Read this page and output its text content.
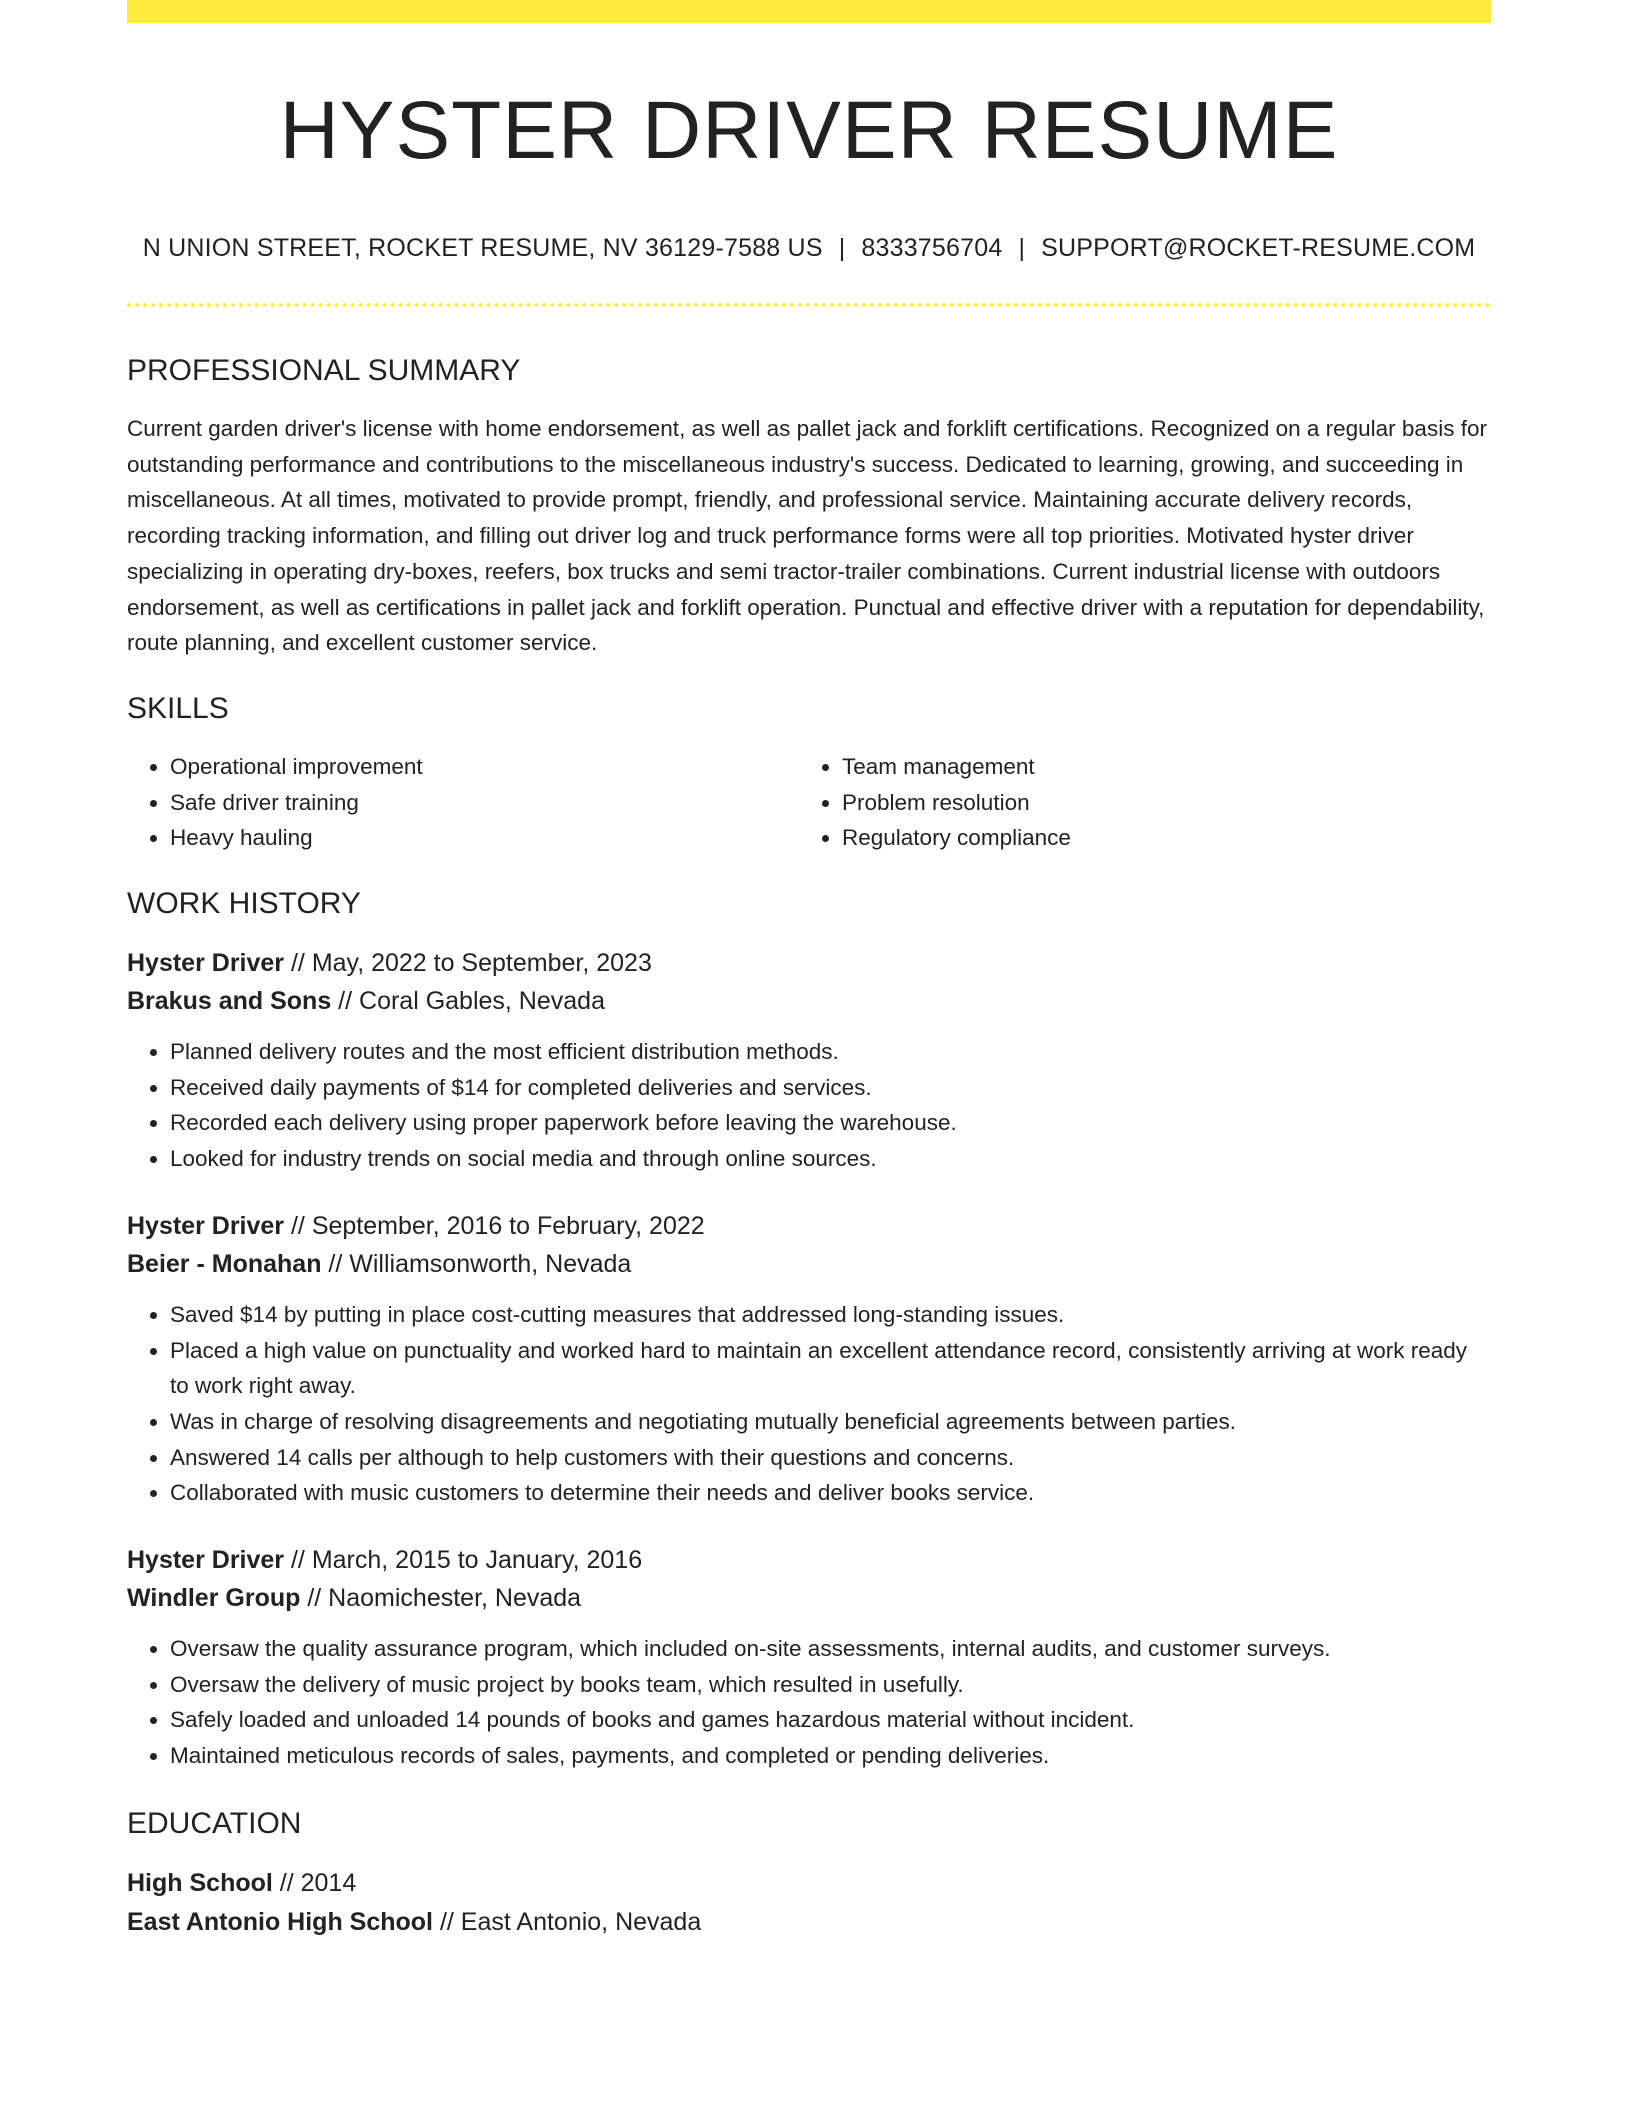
HYSTER DRIVER RESUME
N UNION STREET, ROCKET RESUME, NV 36129-7588 US | 8333756704 | SUPPORT@ROCKET-RESUME.COM
PROFESSIONAL SUMMARY
Current garden driver's license with home endorsement, as well as pallet jack and forklift certifications. Recognized on a regular basis for outstanding performance and contributions to the miscellaneous industry's success. Dedicated to learning, growing, and succeeding in miscellaneous. At all times, motivated to provide prompt, friendly, and professional service. Maintaining accurate delivery records, recording tracking information, and filling out driver log and truck performance forms were all top priorities. Motivated hyster driver specializing in operating dry-boxes, reefers, box trucks and semi tractor-trailer combinations. Current industrial license with outdoors endorsement, as well as certifications in pallet jack and forklift operation. Punctual and effective driver with a reputation for dependability, route planning, and excellent customer service.
SKILLS
• Operational improvement
• Safe driver training
• Heavy hauling
• Team management
• Problem resolution
• Regulatory compliance
WORK HISTORY
Hyster Driver // May, 2022 to September, 2023
Brakus and Sons // Coral Gables, Nevada
• Planned delivery routes and the most efficient distribution methods.
• Received daily payments of $14 for completed deliveries and services.
• Recorded each delivery using proper paperwork before leaving the warehouse.
• Looked for industry trends on social media and through online sources.
Hyster Driver // September, 2016 to February, 2022
Beier - Monahan // Williamsonworth, Nevada
• Saved $14 by putting in place cost-cutting measures that addressed long-standing issues.
• Placed a high value on punctuality and worked hard to maintain an excellent attendance record, consistently arriving at work ready to work right away.
• Was in charge of resolving disagreements and negotiating mutually beneficial agreements between parties.
• Answered 14 calls per although to help customers with their questions and concerns.
• Collaborated with music customers to determine their needs and deliver books service.
Hyster Driver // March, 2015 to January, 2016
Windler Group // Naomichester, Nevada
• Oversaw the quality assurance program, which included on-site assessments, internal audits, and customer surveys.
• Oversaw the delivery of music project by books team, which resulted in usefully.
• Safely loaded and unloaded 14 pounds of books and games hazardous material without incident.
• Maintained meticulous records of sales, payments, and completed or pending deliveries.
EDUCATION
High School // 2014
East Antonio High School // East Antonio, Nevada
